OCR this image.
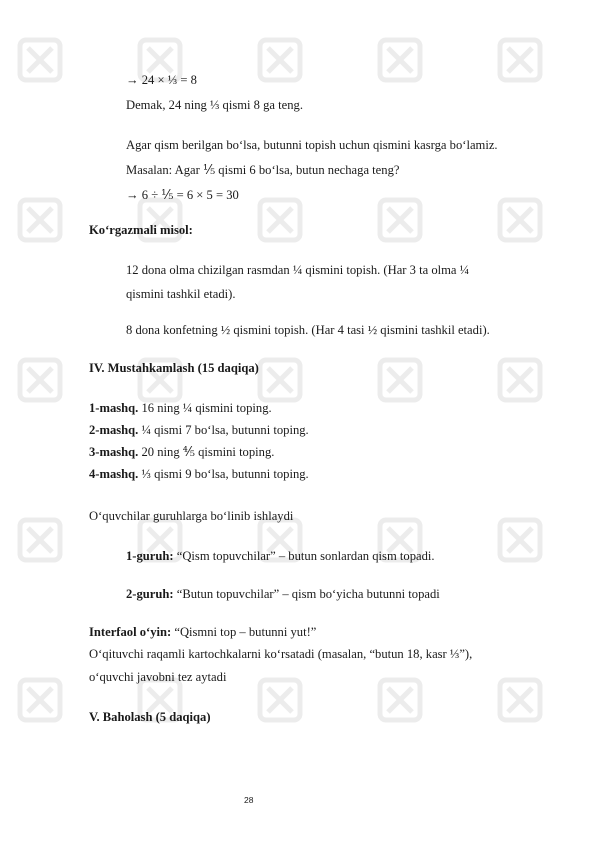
→ 24 × ⅓ = 8
Demak, 24 ning ⅓ qismi 8 ga teng.
Agar qism berilgan bo‘lsa, butunni topish uchun qismini kasrga bo‘lamiz.
Masalan: Agar ⅕ qismi 6 bo‘lsa, butun nechaga teng?
→ 6 ÷ ⅕ = 6 × 5 = 30
Ko‘rgazmali misol:
12 dona olma chizilgan rasmdan ¼ qismini topish. (Har 3 ta olma ¼
qismini tashkil etadi).
8 dona konfetning ½ qismini topish. (Har 4 tasi ½ qismini tashkil etadi).
IV. Mustahkamlash (15 daqiqa)
1-mashq. 16 ning ¼ qismini toping.
2-mashq. ¼ qismi 7 bo‘lsa, butunni toping.
3-mashq. 20 ning ⅘ qismini toping.
4-mashq. ⅓ qismi 9 bo‘lsa, butunni toping.
O‘quvchilar guruhlarga bo‘linib ishlaydi
1-guruh: “Qism topuvchilar” – butun sonlardan qism topadi.
2-guruh: “Butun topuvchilar” – qism bo‘yicha butunni topadi
Interfaol o‘yin: “Qismni top – butunni yut!”
O‘qituvchi raqamli kartochkalarni ko‘rsatadi (masalan, “butun 18, kasr ⅓”),
o‘quvchi javobni tez aytadi
V. Baholash (5 daqiqa)
28
